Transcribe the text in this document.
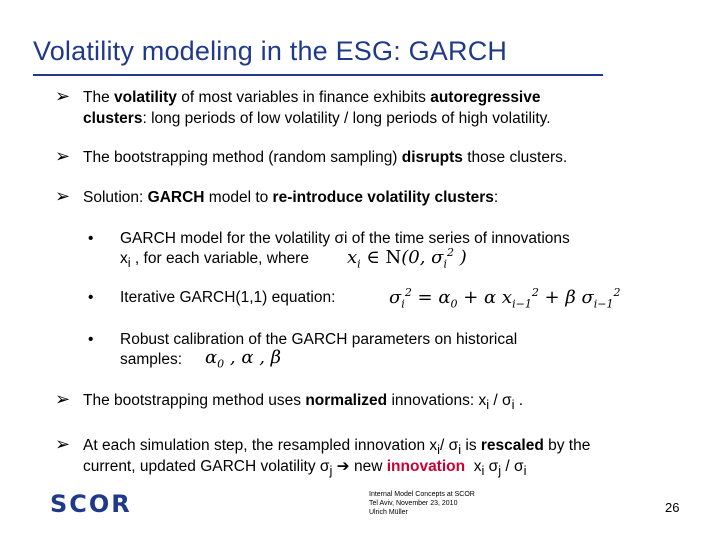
Volatility modeling in the ESG: GARCH
➢ The volatility of most variables in finance exhibits autoregressive
clusters: long periods of low volatility / long periods of high volatility.
➢ The bootstrapping method (random sampling) disrupts those clusters.
➢ Solution: GARCH model to re-introduce volatility clusters:
• GARCH model for the volatility σi of the time series of innovations
$x_i$ , for each variable, where $x_i$ ∈ N(0, $\sigma_i^2$ )
• Iterative GARCH(1,1) equation:	$\sigma_i^2 = \alpha_0 + \alpha$ $x_{i-1}^2 + \beta$ $\sigma_{i-1}^2$
• Robust calibration of the GARCH parameters on historical
samples: $\alpha_0$ , α , β
➢ The bootstrapping method uses normalized innovations: $x_i / \sigma_i$ .
➢ At each simulation step, the resampled innovation $x_i/$ $\sigma_i$ is rescaled by the
current, updated GARCH volatility $\sigma_j$ ➔ new innovation $x_i$ $\sigma_j / \sigma_i$
SCOR	Internal Model Concepts at SCOR
Tel Aviv, November 23, 2010
Ulrich Müller	26
